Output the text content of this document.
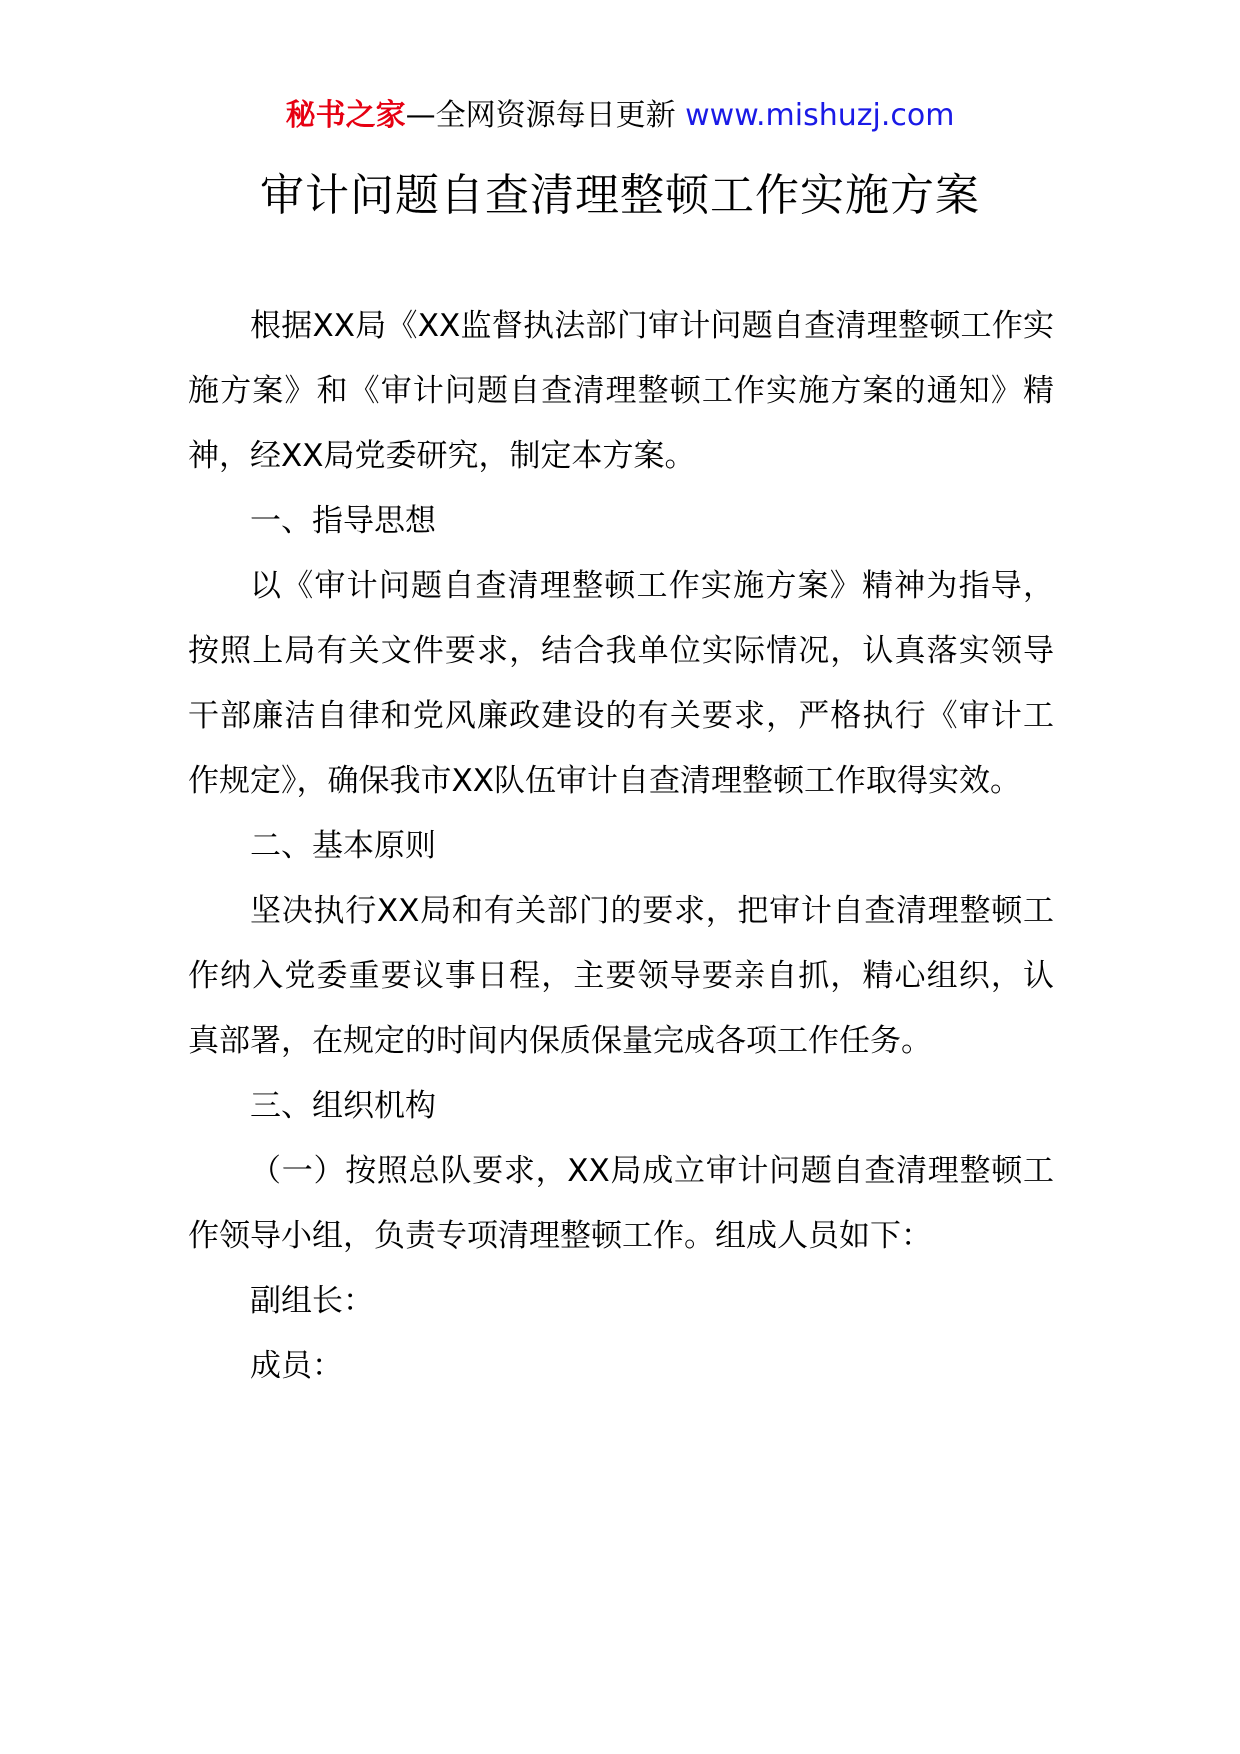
秘书之家—全网资源每日更新 www.mishuzj.com
审计问题自查清理整顿工作实施方案

根据XX局《XX监督执法部门审计问题自查清理整顿工作实施方案》和《审计问题自查清理整顿工作实施方案的通知》精神，经XX局党委研究，制定本方案。

一、指导思想

以《审计问题自查清理整顿工作实施方案》精神为指导，按照上局有关文件要求，结合我单位实际情况，认真落实领导干部廉洁自律和党风廉政建设的有关要求，严格执行《审计工作规定》，确保我市XX队伍审计自查清理整顿工作取得实效。

二、基本原则

坚决执行XX局和有关部门的要求，把审计自查清理整顿工作纳入党委重要议事日程，主要领导要亲自抓，精心组织，认真部署，在规定的时间内保质保量完成各项工作任务。

三、组织机构

（一）按照总队要求，XX局成立审计问题自查清理整顿工作领导小组，负责专项清理整顿工作。组成人员如下：

副组长：

成员：
